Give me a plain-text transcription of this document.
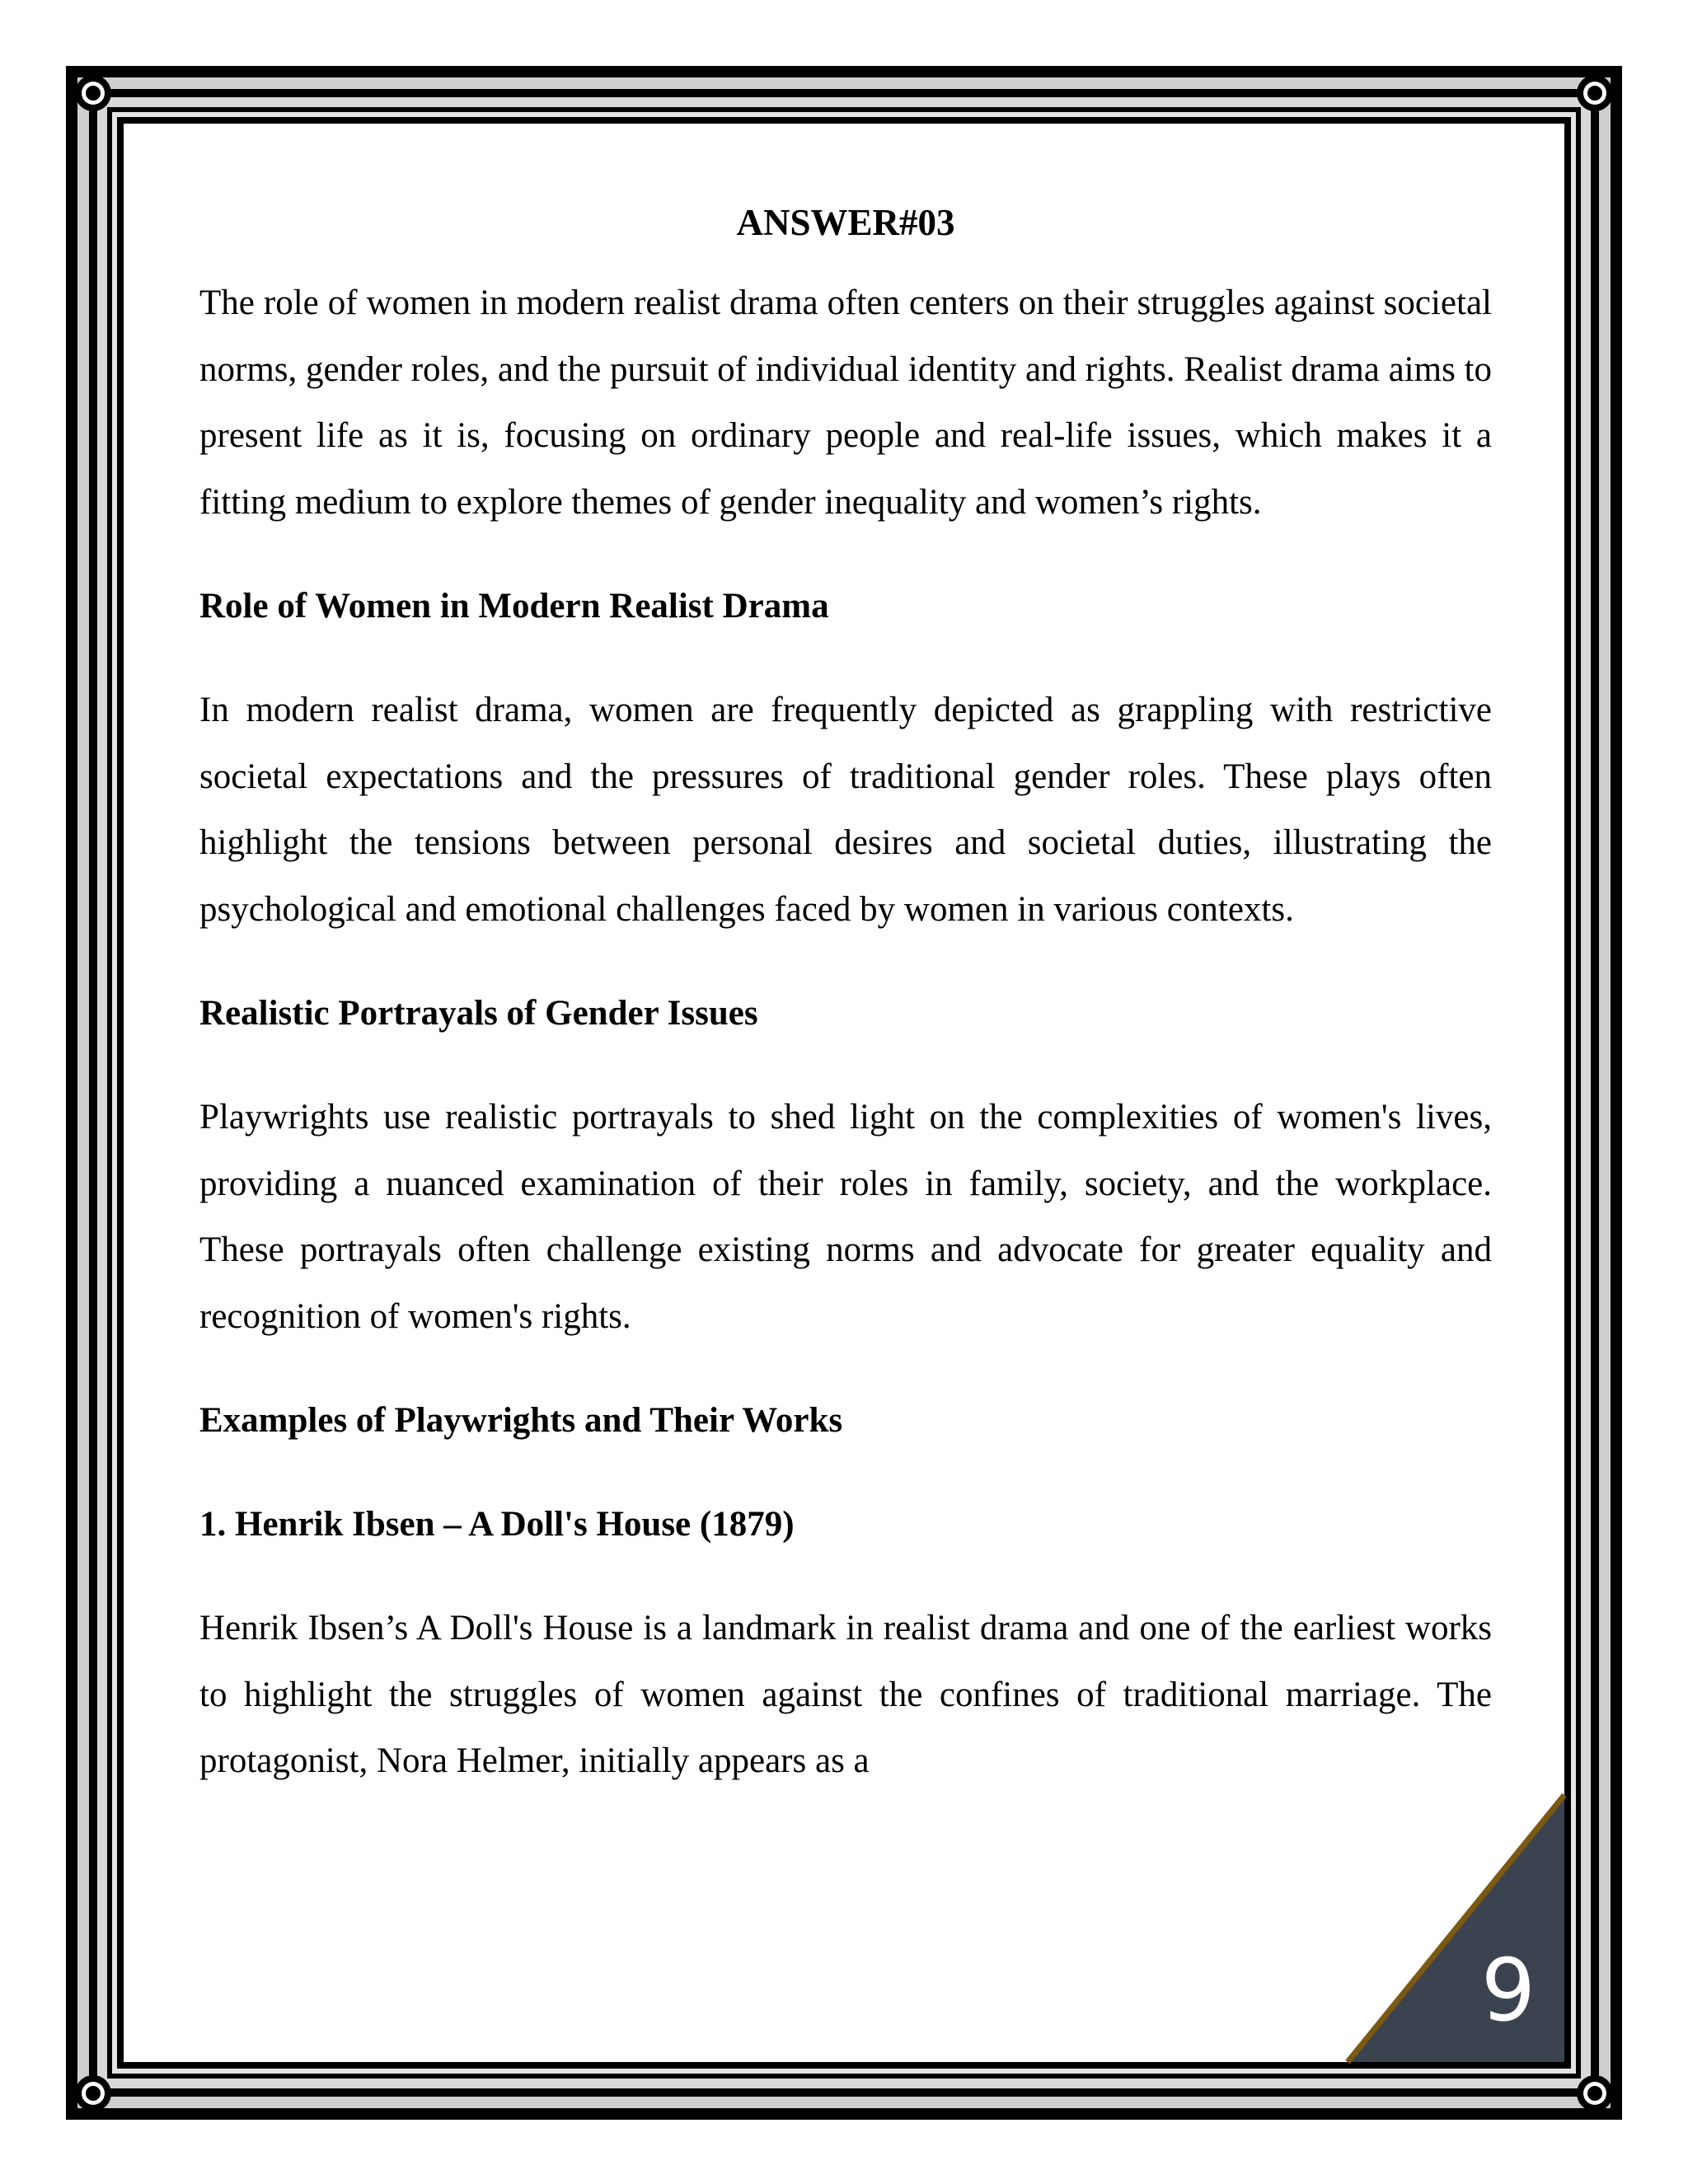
ANSWER#03

The role of women in modern realist drama often centers on their struggles against societal norms, gender roles, and the pursuit of individual identity and rights. Realist drama aims to present life as it is, focusing on ordinary people and real-life issues, which makes it a fitting medium to explore themes of gender inequality and women’s rights.

Role of Women in Modern Realist Drama

In modern realist drama, women are frequently depicted as grappling with restrictive societal expectations and the pressures of traditional gender roles. These plays often highlight the tensions between personal desires and societal duties, illustrating the psychological and emotional challenges faced by women in various contexts.

Realistic Portrayals of Gender Issues

Playwrights use realistic portrayals to shed light on the complexities of women's lives, providing a nuanced examination of their roles in family, society, and the workplace. These portrayals often challenge existing norms and advocate for greater equality and recognition of women's rights.

Examples of Playwrights and Their Works

1. Henrik Ibsen – A Doll's House (1879)

Henrik Ibsen’s A Doll's House is a landmark in realist drama and one of the earliest works to highlight the struggles of women against the confines of traditional marriage. The protagonist, Nora Helmer, initially appears as a

9
